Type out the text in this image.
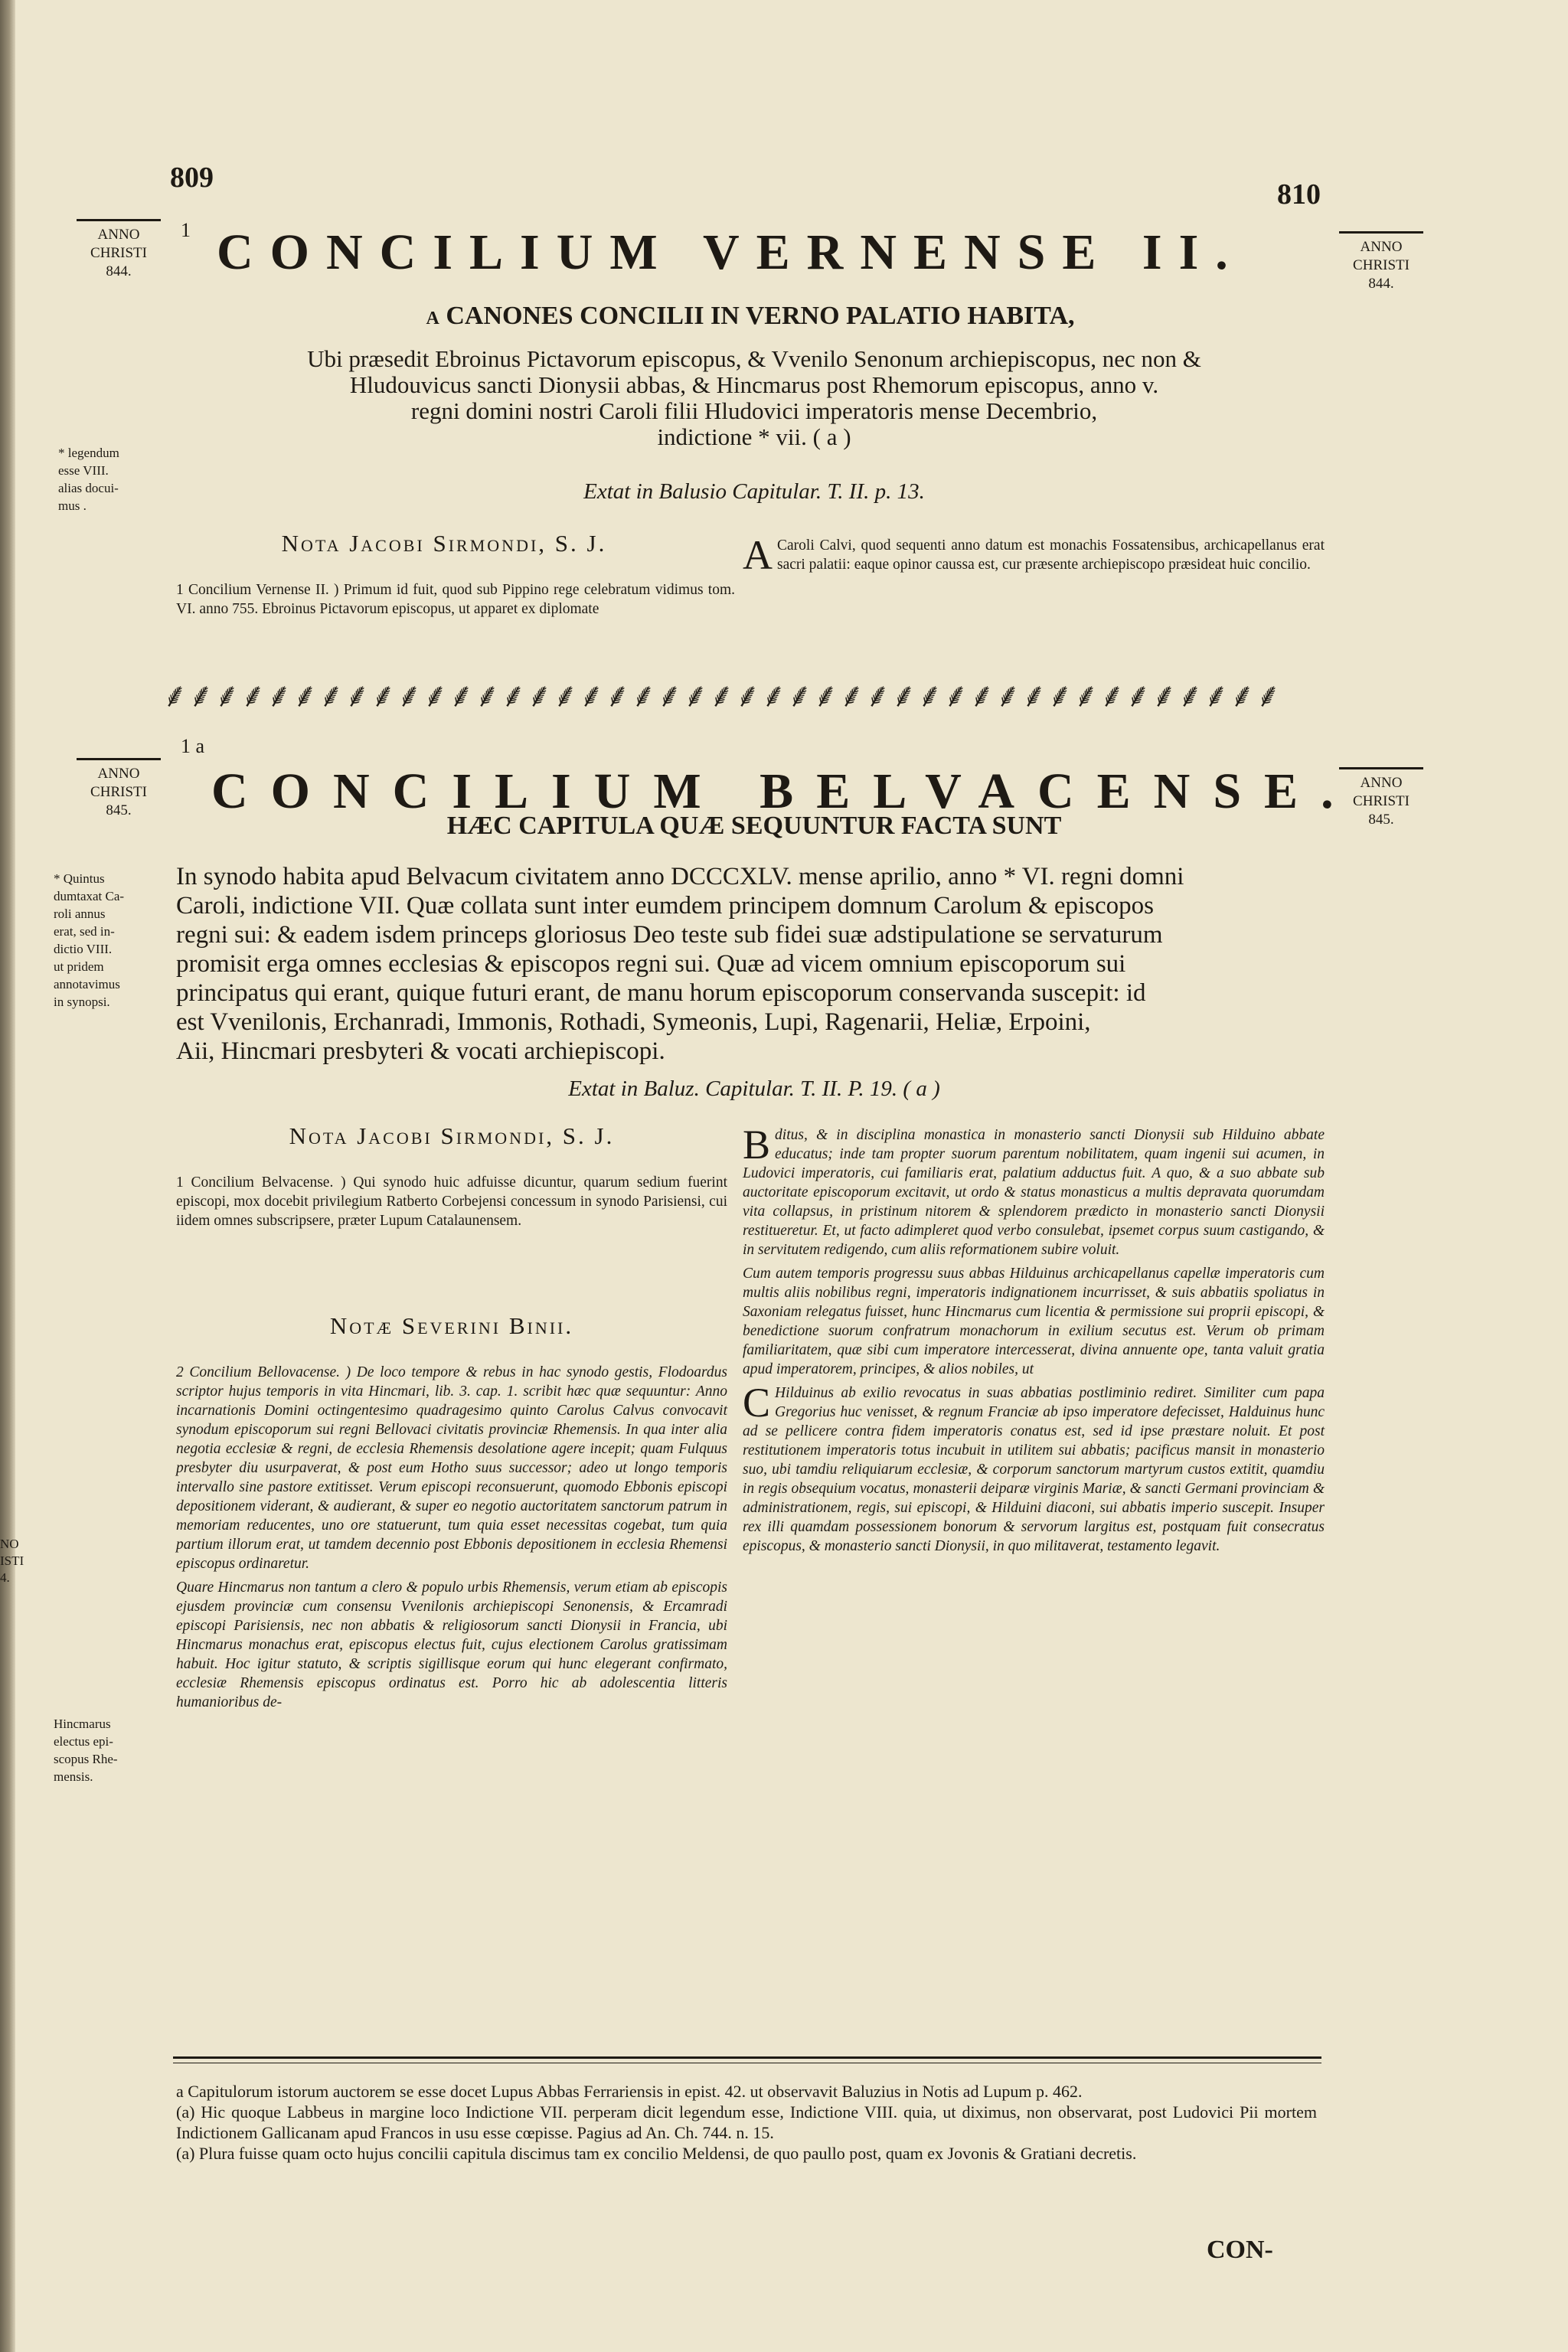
809
810
ANNO
CHRISTI
844.
ANNO
CHRISTI
844.
* legendum
esse VIII.
alias docui-
mus .
1 CONCILIUM VERNENSE II.
a CANONES CONCILII IN VERNO PALATIO HABITA,
Ubi præsedit Ebroinus Pictavorum episcopus, & Vvenilo Senonum archiepiscopus, nec non &
Hludouvicus sancti Dionysii abbas, & Hincmarus post Rhemorum episcopus, anno v.
regni domini nostri Caroli filii Hludovici imperatoris mense Decembrio,
indictione * vii. ( a )
Extat in Balusio Capitular. T. II. p. 13.
Nota Jacobi Sirmondi, S. J.
1 Concilium Vernense II. ) Primum id fuit, quod sub Pippino rege celebratum vidimus tom. VI. anno 755. Ebroinus Pictavorum episcopus, ut apparet ex diplomate
A Caroli Calvi, quod sequenti anno datum est monachis Fossatensibus, archicapellanus erat sacri palatii: eaque opinor caussa est, cur præsente archiepiscopo præsideat huic concilio.
⸙⸙⸙⸙⸙⸙⸙⸙⸙⸙⸙⸙⸙⸙⸙⸙⸙⸙⸙⸙⸙⸙⸙⸙⸙⸙⸙⸙⸙⸙⸙⸙⸙⸙⸙⸙⸙⸙⸙⸙⸙⸙⸙
ANNO
CHRISTI
845.
ANNO
CHRISTI
845.
* Quintus
dumtaxat Ca-
roli annus
erat, sed in-
dictio VIII.
ut pridem
annotavimus
in synopsi.
NO
ISTI
4.
Hincmarus
electus epi-
scopus Rhe-
mensis.
1 a CONCILIUM BELVACENSE.
HÆC CAPITULA QUÆ SEQUUNTUR FACTA SUNT
In synodo habita apud Belvacum civitatem anno DCCCXLV. mense aprilio, anno * VI. regni domni
Caroli, indictione VII. Quæ collata sunt inter eumdem principem domnum Carolum & episcopos
regni sui: & eadem isdem princeps gloriosus Deo teste sub fidei suæ adstipulatione se servaturum
promisit erga omnes ecclesias & episcopos regni sui. Quæ ad vicem omnium episcoporum sui
principatus qui erant, quique futuri erant, de manu horum episcoporum conservanda suscepit: id
est Vvenilonis, Erchanradi, Immonis, Rothadi, Symeonis, Lupi, Ragenarii, Heliæ, Erpoini,
Aii, Hincmari presbyteri & vocati archiepiscopi.
Extat in Baluz. Capitular. T. II. P. 19. ( a )
Nota Jacobi Sirmondi, S. J.
1 Concilium Belvacense. ) Qui synodo huic adfuisse dicuntur, quarum sedium fuerint episcopi, mox docebit privilegium Ratberto Corbejensi concessum in synodo Parisiensi, cui iidem omnes subscripsere, præter Lupum Catalaunensem.
Notæ Severini Binii.

2 Concilium Bellovacense. ) De loco tempore & rebus in hac synodo gestis, Flodoardus scriptor hujus temporis in vita Hincmari, lib. 3. cap. 1. scribit hæc quæ sequuntur: Anno incarnationis Domini octingentesimo quadragesimo quinto Carolus Calvus convocavit synodum episcoporum sui regni Bellovaci civitatis provinciæ Rhemensis. In qua inter alia negotia ecclesiæ & regni, de ecclesia Rhemensis desolatione agere incepit; quam Fulquus presbyter diu usurpaverat, & post eum Hotho suus successor; adeo ut longo temporis intervallo sine pastore extitisset. Verum episcopi reconsuerunt, quomodo Ebbonis episcopi depositionem viderant, & audierant, & super eo negotio auctoritatem sanctorum patrum in memoriam reducentes, uno ore statuerunt, tum quia esset necessitas cogebat, tum quia partium illorum erat, ut tamdem decennio post Ebbonis depositionem in ecclesia Rhemensi episcopus ordinaretur.

Quare Hincmarus non tantum a clero & populo urbis Rhemensis, verum etiam ab episcopis ejusdem provinciæ cum consensu Vvenilonis archiepiscopi Senonensis, & Ercamradi episcopi Parisiensis, nec non abbatis & religiosorum sancti Dionysii in Francia, ubi Hincmarus monachus erat, episcopus electus fuit, cujus electionem Carolus gratissimam habuit. Hoc igitur statuto, & scriptis sigillisque eorum qui hunc elegerant confirmato, ecclesiæ Rhemensis episcopus ordinatus est. Porro hic ab adolescentia litteris humanioribus de-

Bditus, & in disciplina monastica in monasterio sancti Dionysii sub Hilduino abbate educatus; inde tam propter suorum parentum nobilitatem, quam ingenii sui acumen, in Ludovici imperatoris, cui familiaris erat, palatium adductus fuit. A quo, & a suo abbate sub auctoritate episcoporum excitavit, ut ordo & status monasticus a multis depravata quorumdam vita collapsus, in pristinum nitorem & splendorem prædicto in monasterio sancti Dionysii restitueretur. Et, ut facto adimpleret quod verbo consulebat, ipsemet corpus suum castigando, & in servitutem redigendo, cum aliis reformationem subire voluit.

Cum autem temporis progressu suus abbas Hilduinus archicapellanus capellæ imperatoris cum multis aliis nobilibus regni, imperatoris indignationem incurrisset, & suis abbatiis spoliatus in Saxoniam relegatus fuisset, hunc Hincmarus cum licentia & permissione sui proprii episcopi, & benedictione suorum confratrum monachorum in exilium secutus est. Verum ob primam familiaritatem, quæ sibi cum imperatore intercesserat, divina annuente ope, tanta valuit gratia apud imperatorem, principes, & alios nobiles, ut

C Hilduinus ab exilio revocatus in suas abbatias postliminio rediret. Similiter cum papa Gregorius huc venisset, & regnum Franciæ ab ipso imperatore defecisset, Halduinus hunc ad se pellicere contra fidem imperatoris conatus est, sed id ipse præstare noluit. Et post restitutionem imperatoris totus incubuit in utilitem sui abbatis; pacificus mansit in monasterio suo, ubi tamdiu reliquiarum ecclesiæ, & corporum sanctorum martyrum custos extitit, quamdiu in regis obsequium vocatus, monasterii deiparæ virginis Mariæ, & sancti Germani provinciam & administrationem, regis, sui episcopi, & Hilduini diaconi, sui abbatis imperio suscepit. Insuper rex illi quamdam possessionem bonorum & servorum largitus est, postquam fuit consecratus episcopus, & monasterio sancti Dionysii, in quo militaverat, testamento legavit.

a Capitulorum istorum auctorem se esse docet Lupus Abbas Ferrariensis in epist. 42. ut observavit Baluzius in Notis ad Lupum p. 462.

(a) Hic quoque Labbeus in margine loco Indictione VII. perperam dicit legendum esse, Indictione VIII. quia, ut diximus, non observarat, post Ludovici Pii mortem Indictionem Gallicanam apud Francos in usu esse cœpisse. Pagius ad An. Ch. 744. n. 15.

(a) Plura fuisse quam octo hujus concilii capitula discimus tam ex concilio Meldensi, de quo paullo post, quam ex Jovonis & Gratiani decretis.

CON-
